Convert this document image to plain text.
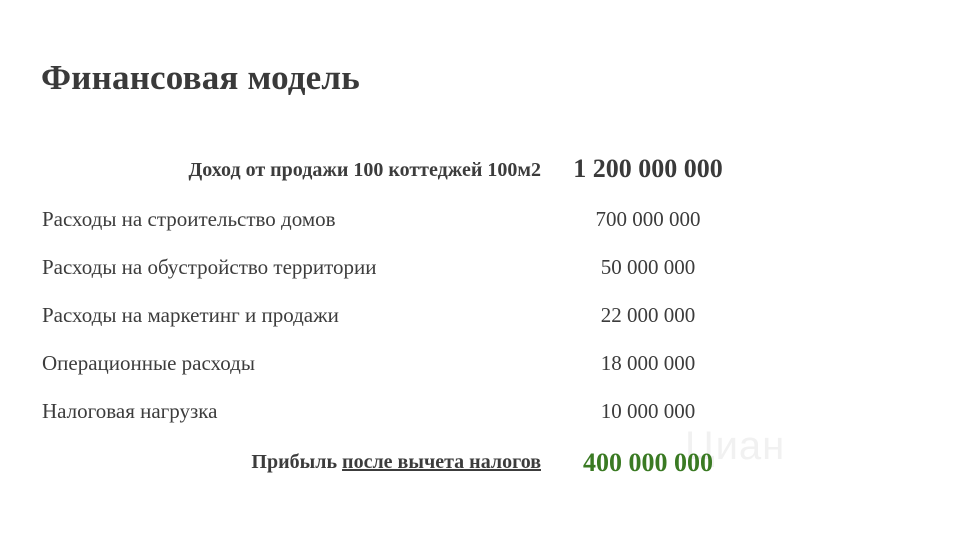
Циан
Финансовая модель
Доход от продажи 100 коттеджей 100м2	1 200 000 000
Расходы на строительство домов	700 000 000
Расходы на обустройство территории	50 000 000
Расходы на маркетинг и продажи	22 000 000
Операционные расходы	18 000 000
Налоговая нагрузка	10 000 000
Прибыль после вычета налогов	400 000 000
